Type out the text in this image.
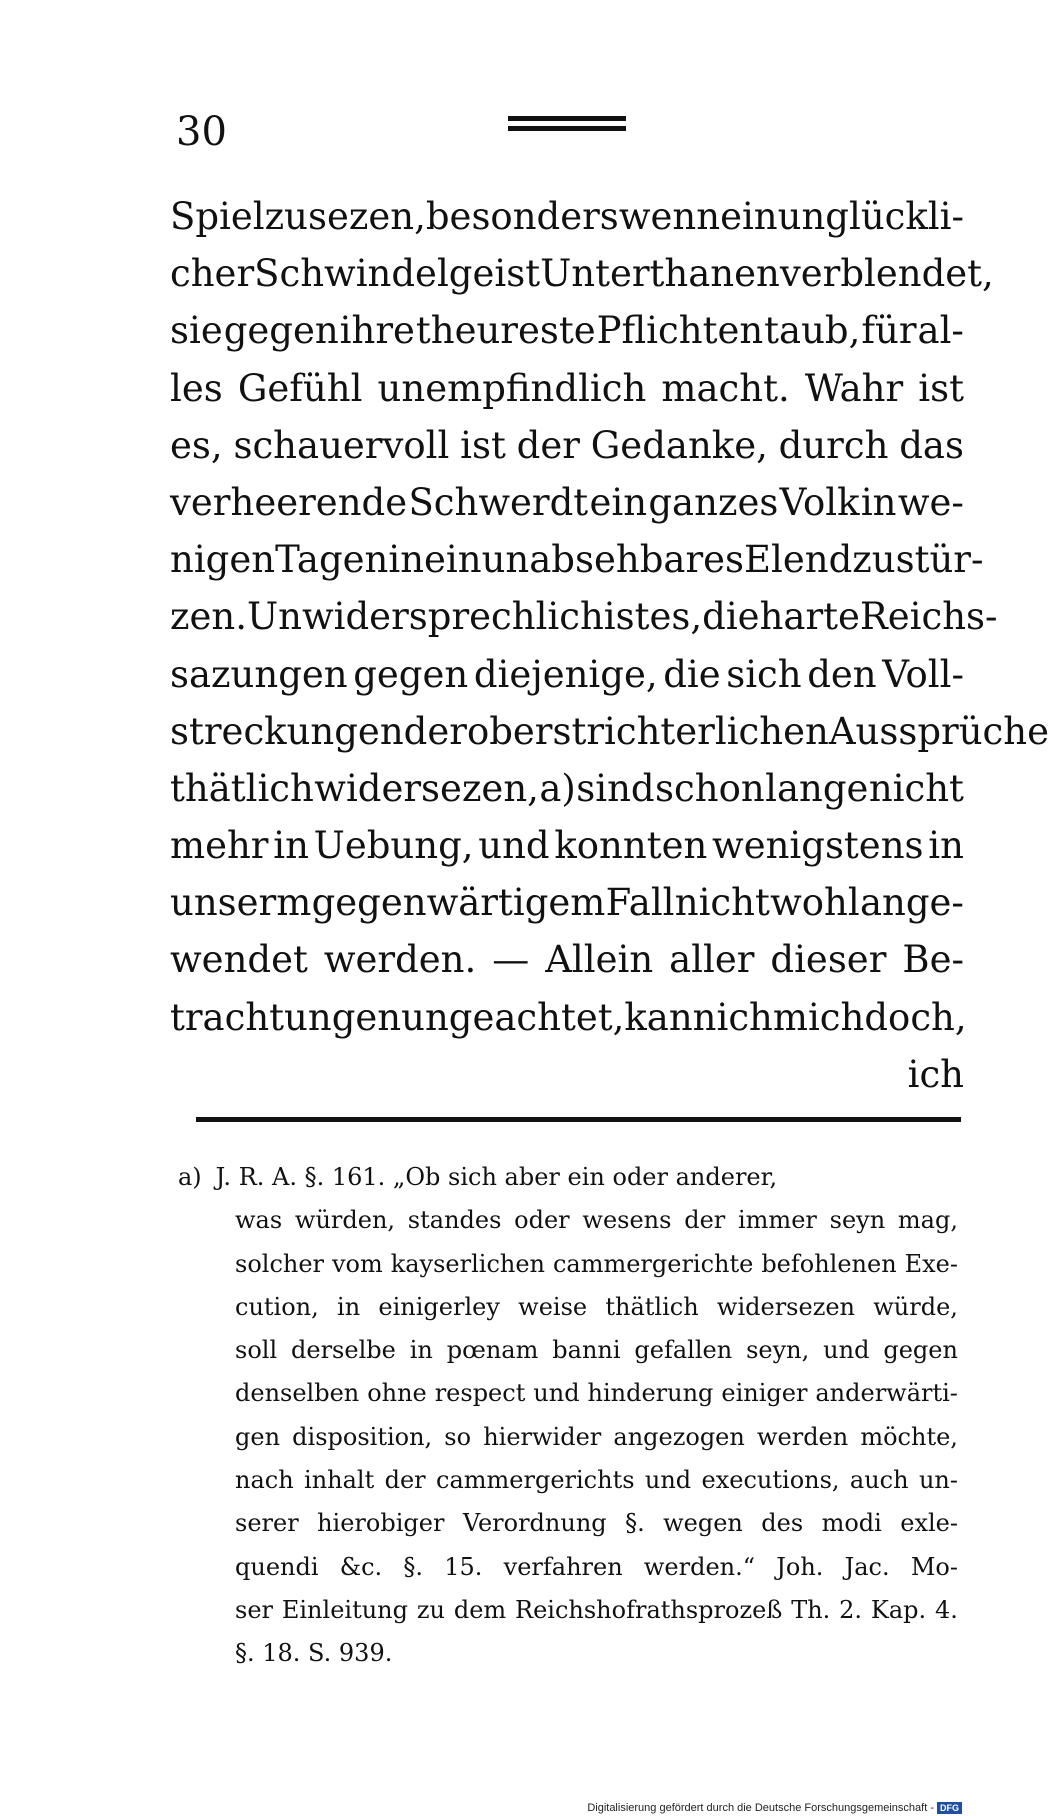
30
Spiel zu sezen, besonders wenn ein unglückli-
cher Schwindelgeist Unterthanen verblendet,
sie gegen ihre theureste Pflichten taub, für al-
les Gefühl unempfindlich macht. Wahr ist
es, schauervoll ist der Gedanke, durch das
verheerende Schwerdt ein ganzes Volk in we-
nigen Tagen in ein unabsehbares Elend zu stür-
zen. Unwidersprechlich ist es, die harte Reichs-
sazungen gegen diejenige, die sich den Voll-
streckungen der oberstrichterlichen Aussprüche
thätlich widersezen, a) sind schon lange nicht
mehr in Uebung, und konnten wenigstens in
unserm gegenwärtigem Fall nicht wohl ange-
wendet werden. — Allein aller dieser Be-
trachtungen ungeachtet, kann ich mich doch,
ich
a) J. R. A. §. 161. „Ob sich aber ein oder anderer,
was würden, standes oder wesens der immer seyn mag,
solcher vom kayserlichen cammergerichte befohlenen Exe-
cution, in einigerley weise thätlich widersezen würde,
soll derselbe in pœnam banni gefallen seyn, und gegen
denselben ohne respect und hinderung einiger anderwärti-
gen disposition, so hierwider angezogen werden möchte,
nach inhalt der cammergerichts und executions, auch un-
serer hierobiger Verordnung §. wegen des modi exle-
quendi &c. §. 15. verfahren werden.“ Joh. Jac. Mo-
ser Einleitung zu dem Reichshofrathsprozeß Th. 2. Kap. 4.
§. 18. S. 939.
Digitalisierung gefördert durch die Deutsche Forschungsgemeinschaft - DFG
